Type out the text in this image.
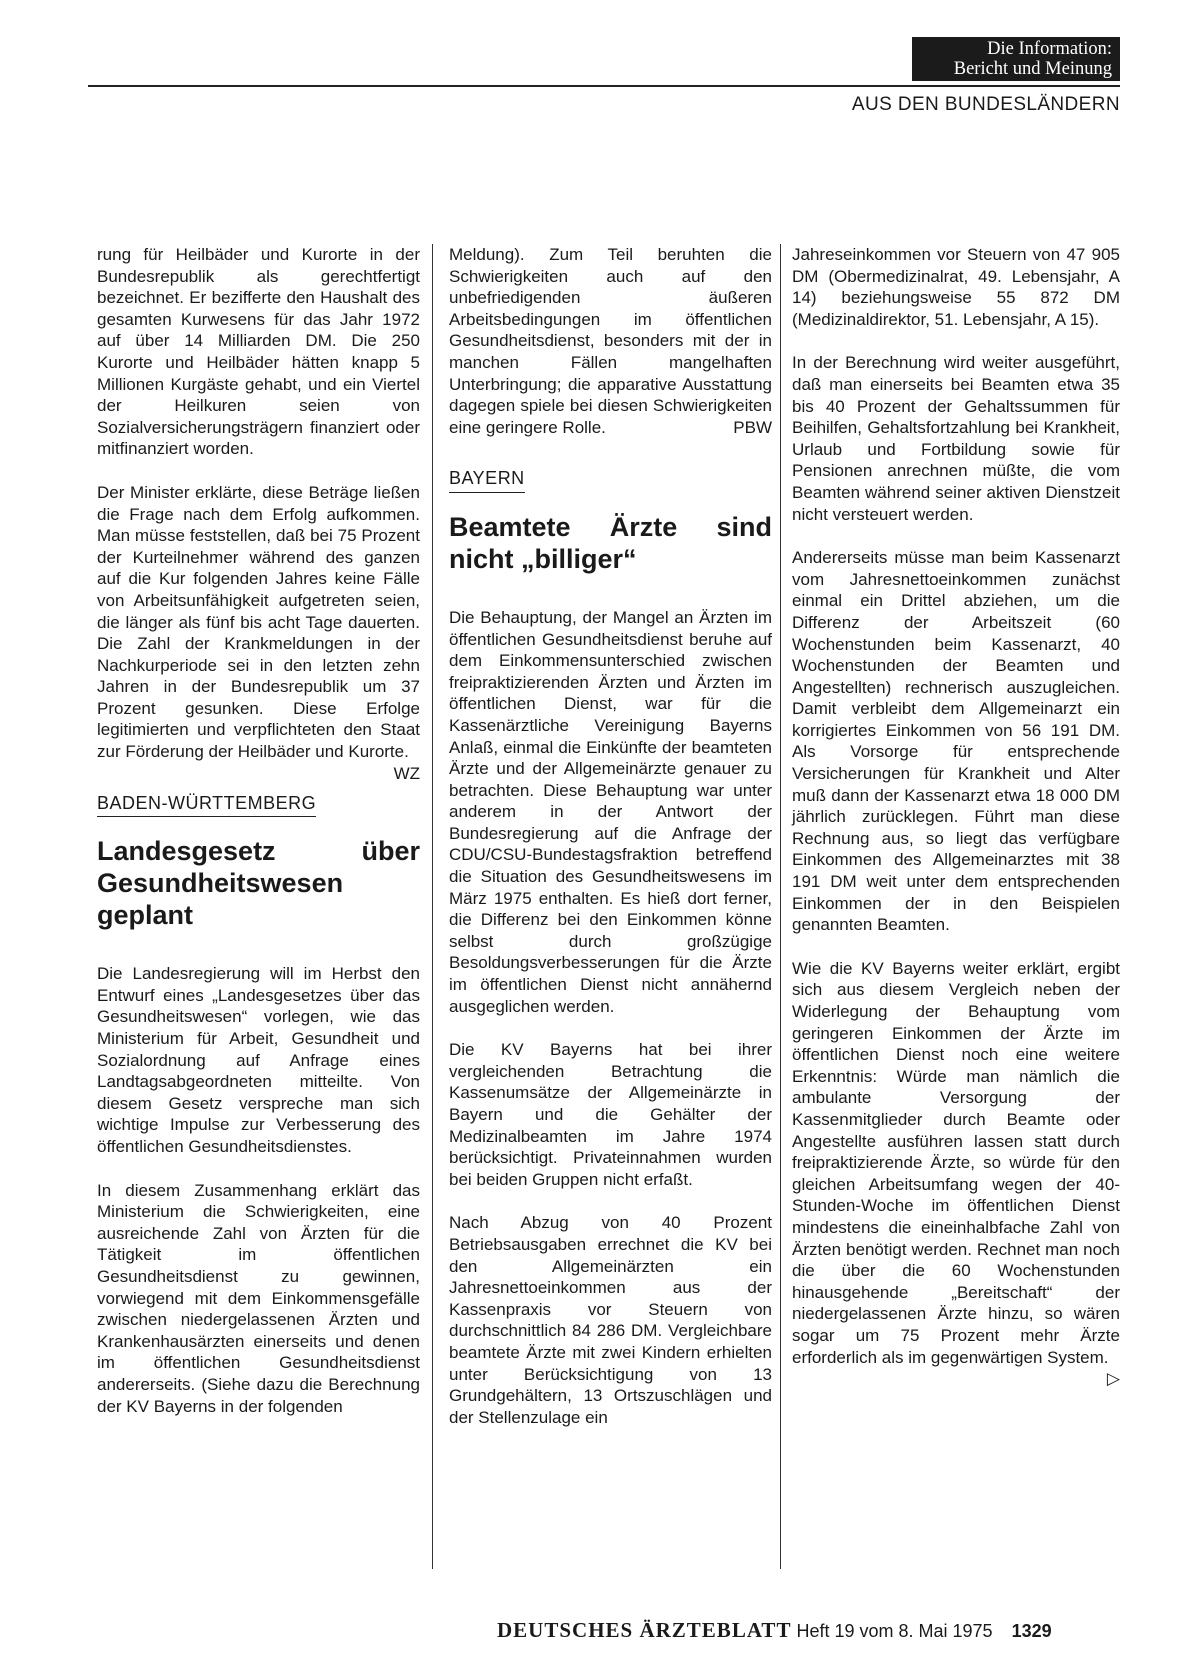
Die Information:
Bericht und Meinung
AUS DEN BUNDESLÄNDERN

rung für Heilbäder und Kurorte in der Bundesrepublik als gerechtfertigt bezeichnet. Er bezifferte den Haushalt des gesamten Kurwesens für das Jahr 1972 auf über 14 Milliarden DM. Die 250 Kurorte und Heilbäder hätten knapp 5 Millionen Kurgäste gehabt, und ein Viertel der Heilkuren seien von Sozialversicherungsträgern finanziert oder mitfinanziert worden.

Der Minister erklärte, diese Beträge ließen die Frage nach dem Erfolg aufkommen. Man müsse feststellen, daß bei 75 Prozent der Kurteilnehmer während des ganzen auf die Kur folgenden Jahres keine Fälle von Arbeitsunfähigkeit aufgetreten seien, die länger als fünf bis acht Tage dauerten. Die Zahl der Krankmeldungen in der Nachkurperiode sei in den letzten zehn Jahren in der Bundesrepublik um 37 Prozent gesunken. Diese Erfolge legitimierten und verpflichteten den Staat zur Förderung der Heilbäder und Kurorte.
WZ

BADEN-WÜRTTEMBERG
Landesgesetz über Gesundheitswesen geplant

Die Landesregierung will im Herbst den Entwurf eines „Landesgesetzes über das Gesundheitswesen“ vorlegen, wie das Ministerium für Arbeit, Gesundheit und Sozialordnung auf Anfrage eines Landtagsabgeordneten mitteilte. Von diesem Gesetz verspreche man sich wichtige Impulse zur Verbesserung des öffentlichen Gesundheitsdienstes.

In diesem Zusammenhang erklärt das Ministerium die Schwierigkeiten, eine ausreichende Zahl von Ärzten für die Tätigkeit im öffentlichen Gesundheitsdienst zu gewinnen, vorwiegend mit dem Einkommensgefälle zwischen niedergelassenen Ärzten und Krankenhausärzten einerseits und denen im öffentlichen Gesundheitsdienst andererseits. (Siehe dazu die Berechnung der KV Bayerns in der folgenden

Meldung). Zum Teil beruhten die Schwierigkeiten auch auf den unbefriedigenden äußeren Arbeitsbedingungen im öffentlichen Gesundheitsdienst, besonders mit der in manchen Fällen mangelhaften Unterbringung; die apparative Ausstattung dagegen spiele bei diesen Schwierigkeiten eine geringere Rolle.	PBW

BAYERN
Beamtete Ärzte sind nicht „billiger“

Die Behauptung, der Mangel an Ärzten im öffentlichen Gesundheitsdienst beruhe auf dem Einkommensunterschied zwischen freipraktizierenden Ärzten und Ärzten im öffentlichen Dienst, war für die Kassenärztliche Vereinigung Bayerns Anlaß, einmal die Einkünfte der beamteten Ärzte und der Allgemeinärzte genauer zu betrachten. Diese Behauptung war unter anderem in der Antwort der Bundesregierung auf die Anfrage der CDU/CSU-Bundestagsfraktion betreffend die Situation des Gesundheitswesens im März 1975 enthalten. Es hieß dort ferner, die Differenz bei den Einkommen könne selbst durch großzügige Besoldungsverbesserungen für die Ärzte im öffentlichen Dienst nicht annähernd ausgeglichen werden.

Die KV Bayerns hat bei ihrer vergleichenden Betrachtung die Kassenumsätze der Allgemeinärzte in Bayern und die Gehälter der Medizinalbeamten im Jahre 1974 berücksichtigt. Privateinnahmen wurden bei beiden Gruppen nicht erfaßt.

Nach Abzug von 40 Prozent Betriebsausgaben errechnet die KV bei den Allgemeinärzten ein Jahresnettoeinkommen aus der Kassenpraxis vor Steuern von durchschnittlich 84 286 DM. Vergleichbare beamtete Ärzte mit zwei Kindern erhielten unter Berücksichtigung von 13 Grundgehältern, 13 Ortszuschlägen und der Stellenzulage ein

Jahreseinkommen vor Steuern von 47 905 DM (Obermedizinalrat, 49. Lebensjahr, A 14) beziehungsweise 55 872 DM (Medizinaldirektor, 51. Lebensjahr, A 15).

In der Berechnung wird weiter ausgeführt, daß man einerseits bei Beamten etwa 35 bis 40 Prozent der Gehaltssummen für Beihilfen, Gehaltsfortzahlung bei Krankheit, Urlaub und Fortbildung sowie für Pensionen anrechnen müßte, die vom Beamten während seiner aktiven Dienstzeit nicht versteuert werden.

Andererseits müsse man beim Kassenarzt vom Jahresnettoeinkommen zunächst einmal ein Drittel abziehen, um die Differenz der Arbeitszeit (60 Wochenstunden beim Kassenarzt, 40 Wochenstunden der Beamten und Angestellten) rechnerisch auszugleichen. Damit verbleibt dem Allgemeinarzt ein korrigiertes Einkommen von 56 191 DM. Als Vorsorge für entsprechende Versicherungen für Krankheit und Alter muß dann der Kassenarzt etwa 18 000 DM jährlich zurücklegen. Führt man diese Rechnung aus, so liegt das verfügbare Einkommen des Allgemeinarztes mit 38 191 DM weit unter dem entsprechenden Einkommen der in den Beispielen genannten Beamten.

Wie die KV Bayerns weiter erklärt, ergibt sich aus diesem Vergleich neben der Widerlegung der Behauptung vom geringeren Einkommen der Ärzte im öffentlichen Dienst noch eine weitere Erkenntnis: Würde man nämlich die ambulante Versorgung der Kassenmitglieder durch Beamte oder Angestellte ausführen lassen statt durch freipraktizierende Ärzte, so würde für den gleichen Arbeitsumfang wegen der 40-Stunden-Woche im öffentlichen Dienst mindestens die eineinhalbfache Zahl von Ärzten benötigt werden. Rechnet man noch die über die 60 Wochenstunden hinausgehende „Bereitschaft“ der niedergelassenen Ärzte hinzu, so wären sogar um 75 Prozent mehr Ärzte erforderlich als im gegenwärtigen System.
▷

DEUTSCHES ÄRZTEBLATT Heft 19 vom 8. Mai 1975 1329
